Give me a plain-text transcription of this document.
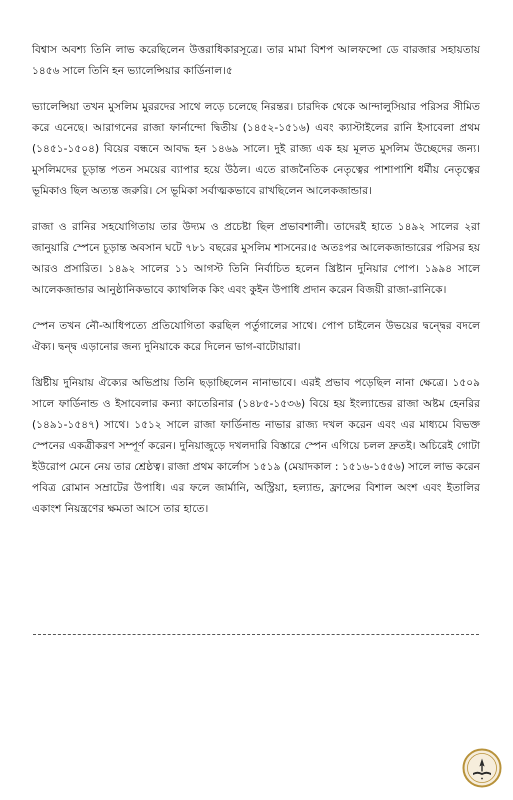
বিশ্বাস অবশ্য তিনি লাভ করেছিলেন উত্তরাধিকারসূত্রে। তার মামা বিশপ আলফন্সো ডে বারজার সহায়তায় ১৪৫৬ সালে তিনি হন ভ্যালেন্সিয়ার কার্ডিনাল।৫

ভ্যালেন্সিয়া তখন মুসলিম মুররদের সাথে লড়ে চলেছে নিরন্তর। চারদিক থেকে আন্দালুসিয়ার পরিসর সীমিত করে এনেছে। আরাগনের রাজা ফার্নান্দো দ্বিতীয় (১৪৫২-১৫১৬) এবং ক্যাস্টাইলের রানি ইসাবেলা প্রথম (১৪৫১-১৫০৪) বিয়ের বন্ধনে আবদ্ধ হন ১৪৬৯ সালে। দুই রাজ্য এক হয় মূলত মুসলিম উচ্ছেদের জন্য। মুসলিমদের চূড়ান্ত পতন সময়ের ব্যাপার হয়ে উঠল। এতে রাজনৈতিক নেতৃত্বের পাশাপাশি ধর্মীয় নেতৃত্বের ভূমিকাও ছিল অত্যন্ত জরুরি। সে ভূমিকা সর্বাত্মকভাবে রাখছিলেন আলেকজান্ডার।

রাজা ও রানির সহযোগিতায় তার উদ্যম ও প্রচেষ্টা ছিল প্রভাবশালী। তাদেরই হাতে ১৪৯২ সালের ২রা জানুয়ারি স্পেনে চূড়ান্ত অবসান ঘটে ৭৮১ বছরের মুসলিম শাসনের।৫ অতঃপর আলেকজান্ডারের পরিসর হয় আরও প্রসারিত। ১৪৯২ সালের ১১ আগস্ট তিনি নির্বাচিত হলেন খ্রিষ্টান দুনিয়ার পোপ। ১৯৯৪ সালে আলেকজান্ডার আনুষ্ঠানিকভাবে ক্যাথলিক কিং এবং কুইন উপাধি প্রদান করেন বিজয়ী রাজা-রানিকে।

স্পেন তখন নৌ-আধিপত্যে প্রতিযোগিতা করছিল পর্তুগালের সাথে। পোপ চাইলেন উভয়ের দ্বন্দ্বের বদলে ঐক্য। দ্বন্দ্ব এড়ানোর জন্য দুনিয়াকে করে দিলেন ভাগ-বাটোয়ারা।

খ্রিষ্টীয় দুনিয়ায় ঐক্যের অভিপ্রায় তিনি ছড়াচ্ছিলেন নানাভাবে। এরই প্রভাব পড়েছিল নানা ক্ষেত্রে। ১৫০৯ সালে ফার্ডিনান্ড ও ইসাবেলার কন্যা কাতেরিনার (১৪৮৫-১৫৩৬) বিয়ে হয় ইংল্যান্ডের রাজা অষ্টম হেনরির (১৪৯১-১৫৪৭) সাথে। ১৫১২ সালে রাজা ফার্ডিনান্ড নাভার রাজ্য দখল করেন এবং এর মাধ্যমে বিভক্ত স্পেনের একত্রীকরণ সম্পূর্ণ করেন। দুনিয়াজুড়ে দখলদারি বিস্তারে স্পেন এগিয়ে চলল দ্রুতই। অচিরেই গোটা ইউরোপ মেনে নেয় তার শ্রেষ্ঠত্ব। রাজা প্রথম কার্লোস ১৫১৯ (মেয়াদকাল : ১৫১৬-১৫৫৬) সালে লাভ করেন পবিত্র রোমান সম্রাটের উপাধি। এর ফলে জার্মানি, অস্ট্রিয়া, হল্যান্ড, ফ্রান্সের বিশাল অংশ এবং ইতালির একাংশ নিয়ন্ত্রণের ক্ষমতা আসে তার হাতে।
